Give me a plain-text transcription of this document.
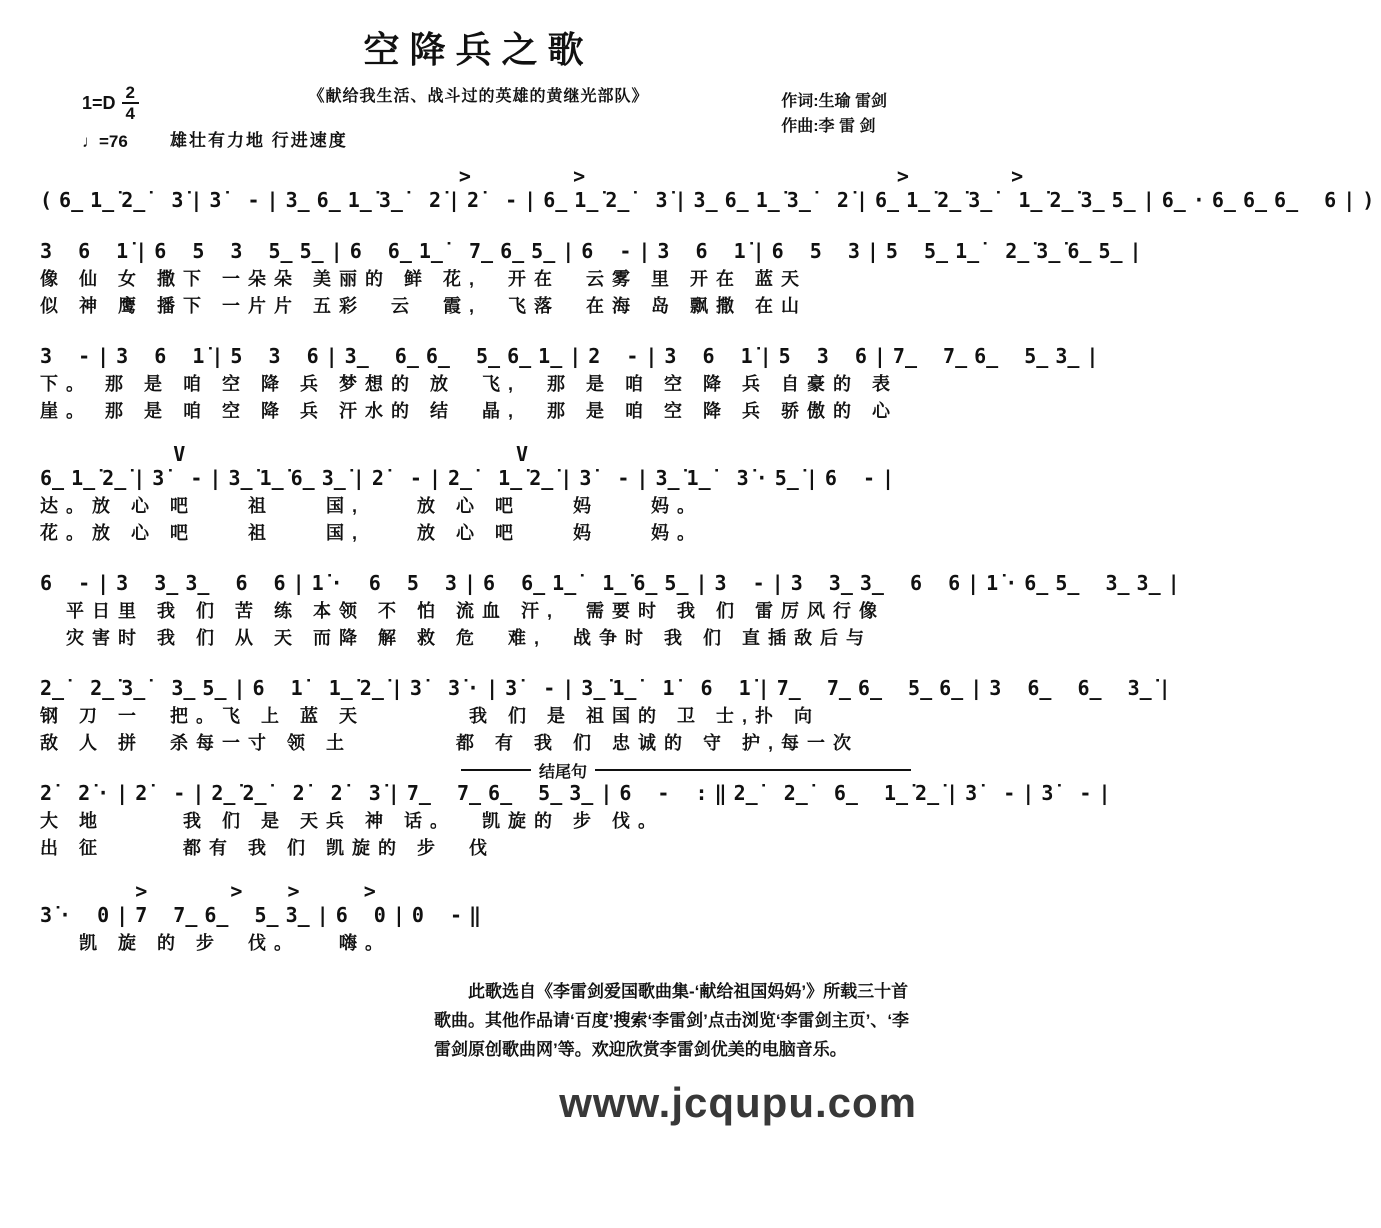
空降兵之歌
《献给我生活、战斗过的英雄的黄继光部队》
$1=D \frac{2}{4}$
♩=76	雄壮有力地 行进速度
作词:生瑜 雷剑
作曲:李 雷 剑
>     >                >     >
(6̲1̲̇2̲̇ 3̇|3̇ -|3̲6̲1̲̇3̲̇ 2̇|2̇ -|6̲1̲̇2̲̇ 3̇|3̲6̲1̲̇3̲̇ 2̇|6̲1̲̇2̲̇3̲̇ 1̲̇2̲̇3̲5̲|6̲·6̲6̲6̲ 6|)
3 6 1̇|6 5 3 5̲5̲|6 6̲1̲̇ 7̲6̲5̲|6 -|3 6 1̇|6 5 3|5 5̲1̲̇ 2̲̇3̲̇6̲5̲|
像 仙 女 撒下 一朵朵 美丽的 鲜 花,  开在  云雾 里 开在 蓝天
似 神 鹰 播下 一片片 五彩  云  霞,  飞落  在海 岛 飘撒 在山
3 -|3 6 1̇|5 3 6|3̲ 6̲6̲ 5̲6̲1̲|2 -|3 6 1̇|5 3 6|7̲ 7̲6̲ 5̲3̲|
下。 那 是 咱 空 降 兵 梦想的 放  飞,  那 是 咱 空 降 兵 自豪的 表
崖。 那 是 咱 空 降 兵 汗水的 结  晶,  那 是 咱 空 降 兵 骄傲的 心
V                 V
6̲1̲̇2̲̇|3̇ -|3̲̇1̲̇6̲3̲̇|2̇ -|2̲̇ 1̲̇2̲̇|3̇ -|3̲̇1̲̇ 3̇·5̲̇|6 -|
达。放 心 吧    祖    国,    放 心 吧    妈    妈。
花。放 心 吧    祖    国,    放 心 吧    妈    妈。
6 -|3 3̲3̲ 6 6|1̇· 6 5 3|6 6̲1̲̇ 1̲̇6̲5̲|3 -|3 3̲3̲ 6 6|1̇·6̲5̲ 3̲3̲|
平日里 我 们 苦 练 本领 不 怕 流血 汗,  需要时 我 们 雷厉风行像
灾害时 我 们 从 天 而降 解 救 危  难,  战争时 我 们 直插敌后与
2̲̇ 2̲̇3̲̇ 3̲5̲|6 1̇ 1̲̇2̲̇|3̇ 3̇·|3̇ -|3̲̇1̲̇ 1̇ 6 1̇|7̲ 7̲6̲ 5̲6̲|3 6̲ 6̲ 3̲̇|
钢 刀 一  把。飞 上 蓝 天        我 们 是 祖国的 卫 士,扑 向
敌 人 拼  杀每一寸 领 土        都 有 我 们 忠诚的 守 护,每一次
结尾句
2̇ 2̇·|2̇ -|2̲̇2̲̇ 2̇ 2̇ 3̇|7̲ 7̲6̲ 5̲3̲|6 - :‖2̲̇ 2̲̇ 6̲ 1̲̇2̲̇|3̇ -|3̇ -|
大 地      我 们 是 天兵 神 话。  凯旋的 步 伐。
出 征      都有 我 们 凯旋的 步  伐
>    >  >   >
3̇· 0|7 7̲6̲ 5̲3̲|6 0|0 -‖
凯 旋 的 步  伐。   嗨。
此歌选自《李雷剑爱国歌曲集-‘献给祖国妈妈’》所载三十首歌曲。其他作品请‘百度’搜索‘李雷剑’点击浏览‘李雷剑主页’、‘李雷剑原创歌曲网’等。欢迎欣赏李雷剑优美的电脑音乐。
www.jcqupu.com
